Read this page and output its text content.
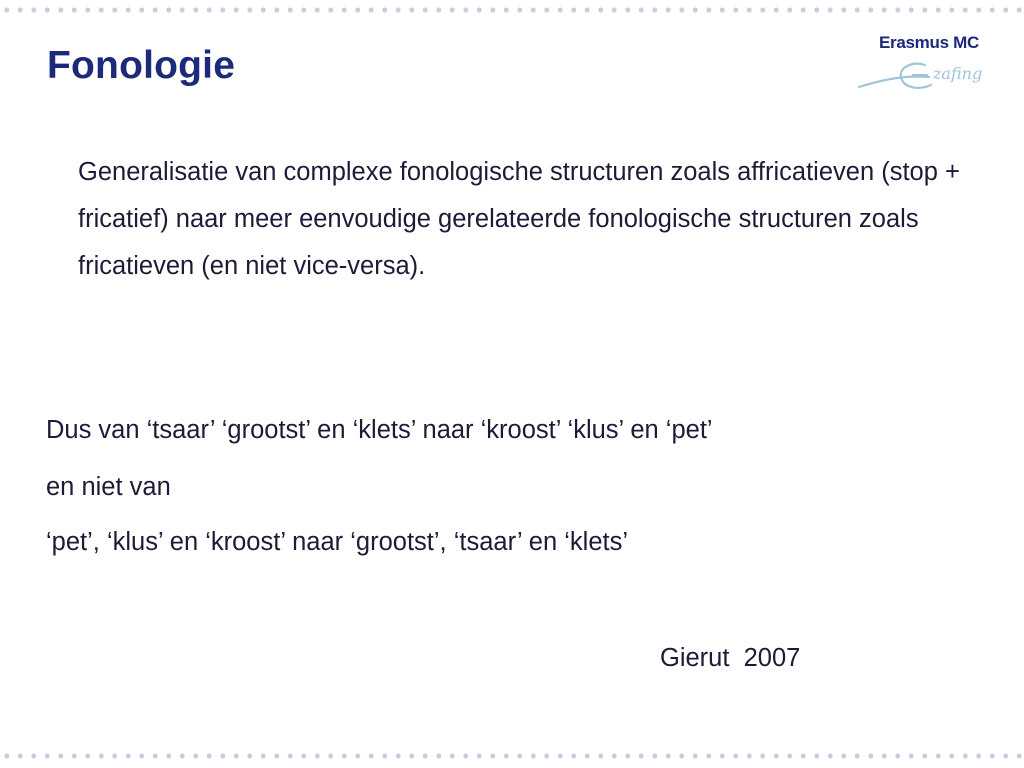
Fonologie
Erasmus MC
zafing

Generalisatie van complexe fonologische structuren zoals affricatieven (stop + fricatief) naar meer eenvoudige gerelateerde fonologische structuren zoals fricatieven (en niet vice-versa).

Dus van ‘tsaar’ ‘grootst’ en ‘klets’ naar ‘kroost’ ‘klus’ en ‘pet’

en niet van

‘pet’, ‘klus’ en ‘kroost’ naar ‘grootst’, ‘tsaar’ en ‘klets’

Gierut  2007
